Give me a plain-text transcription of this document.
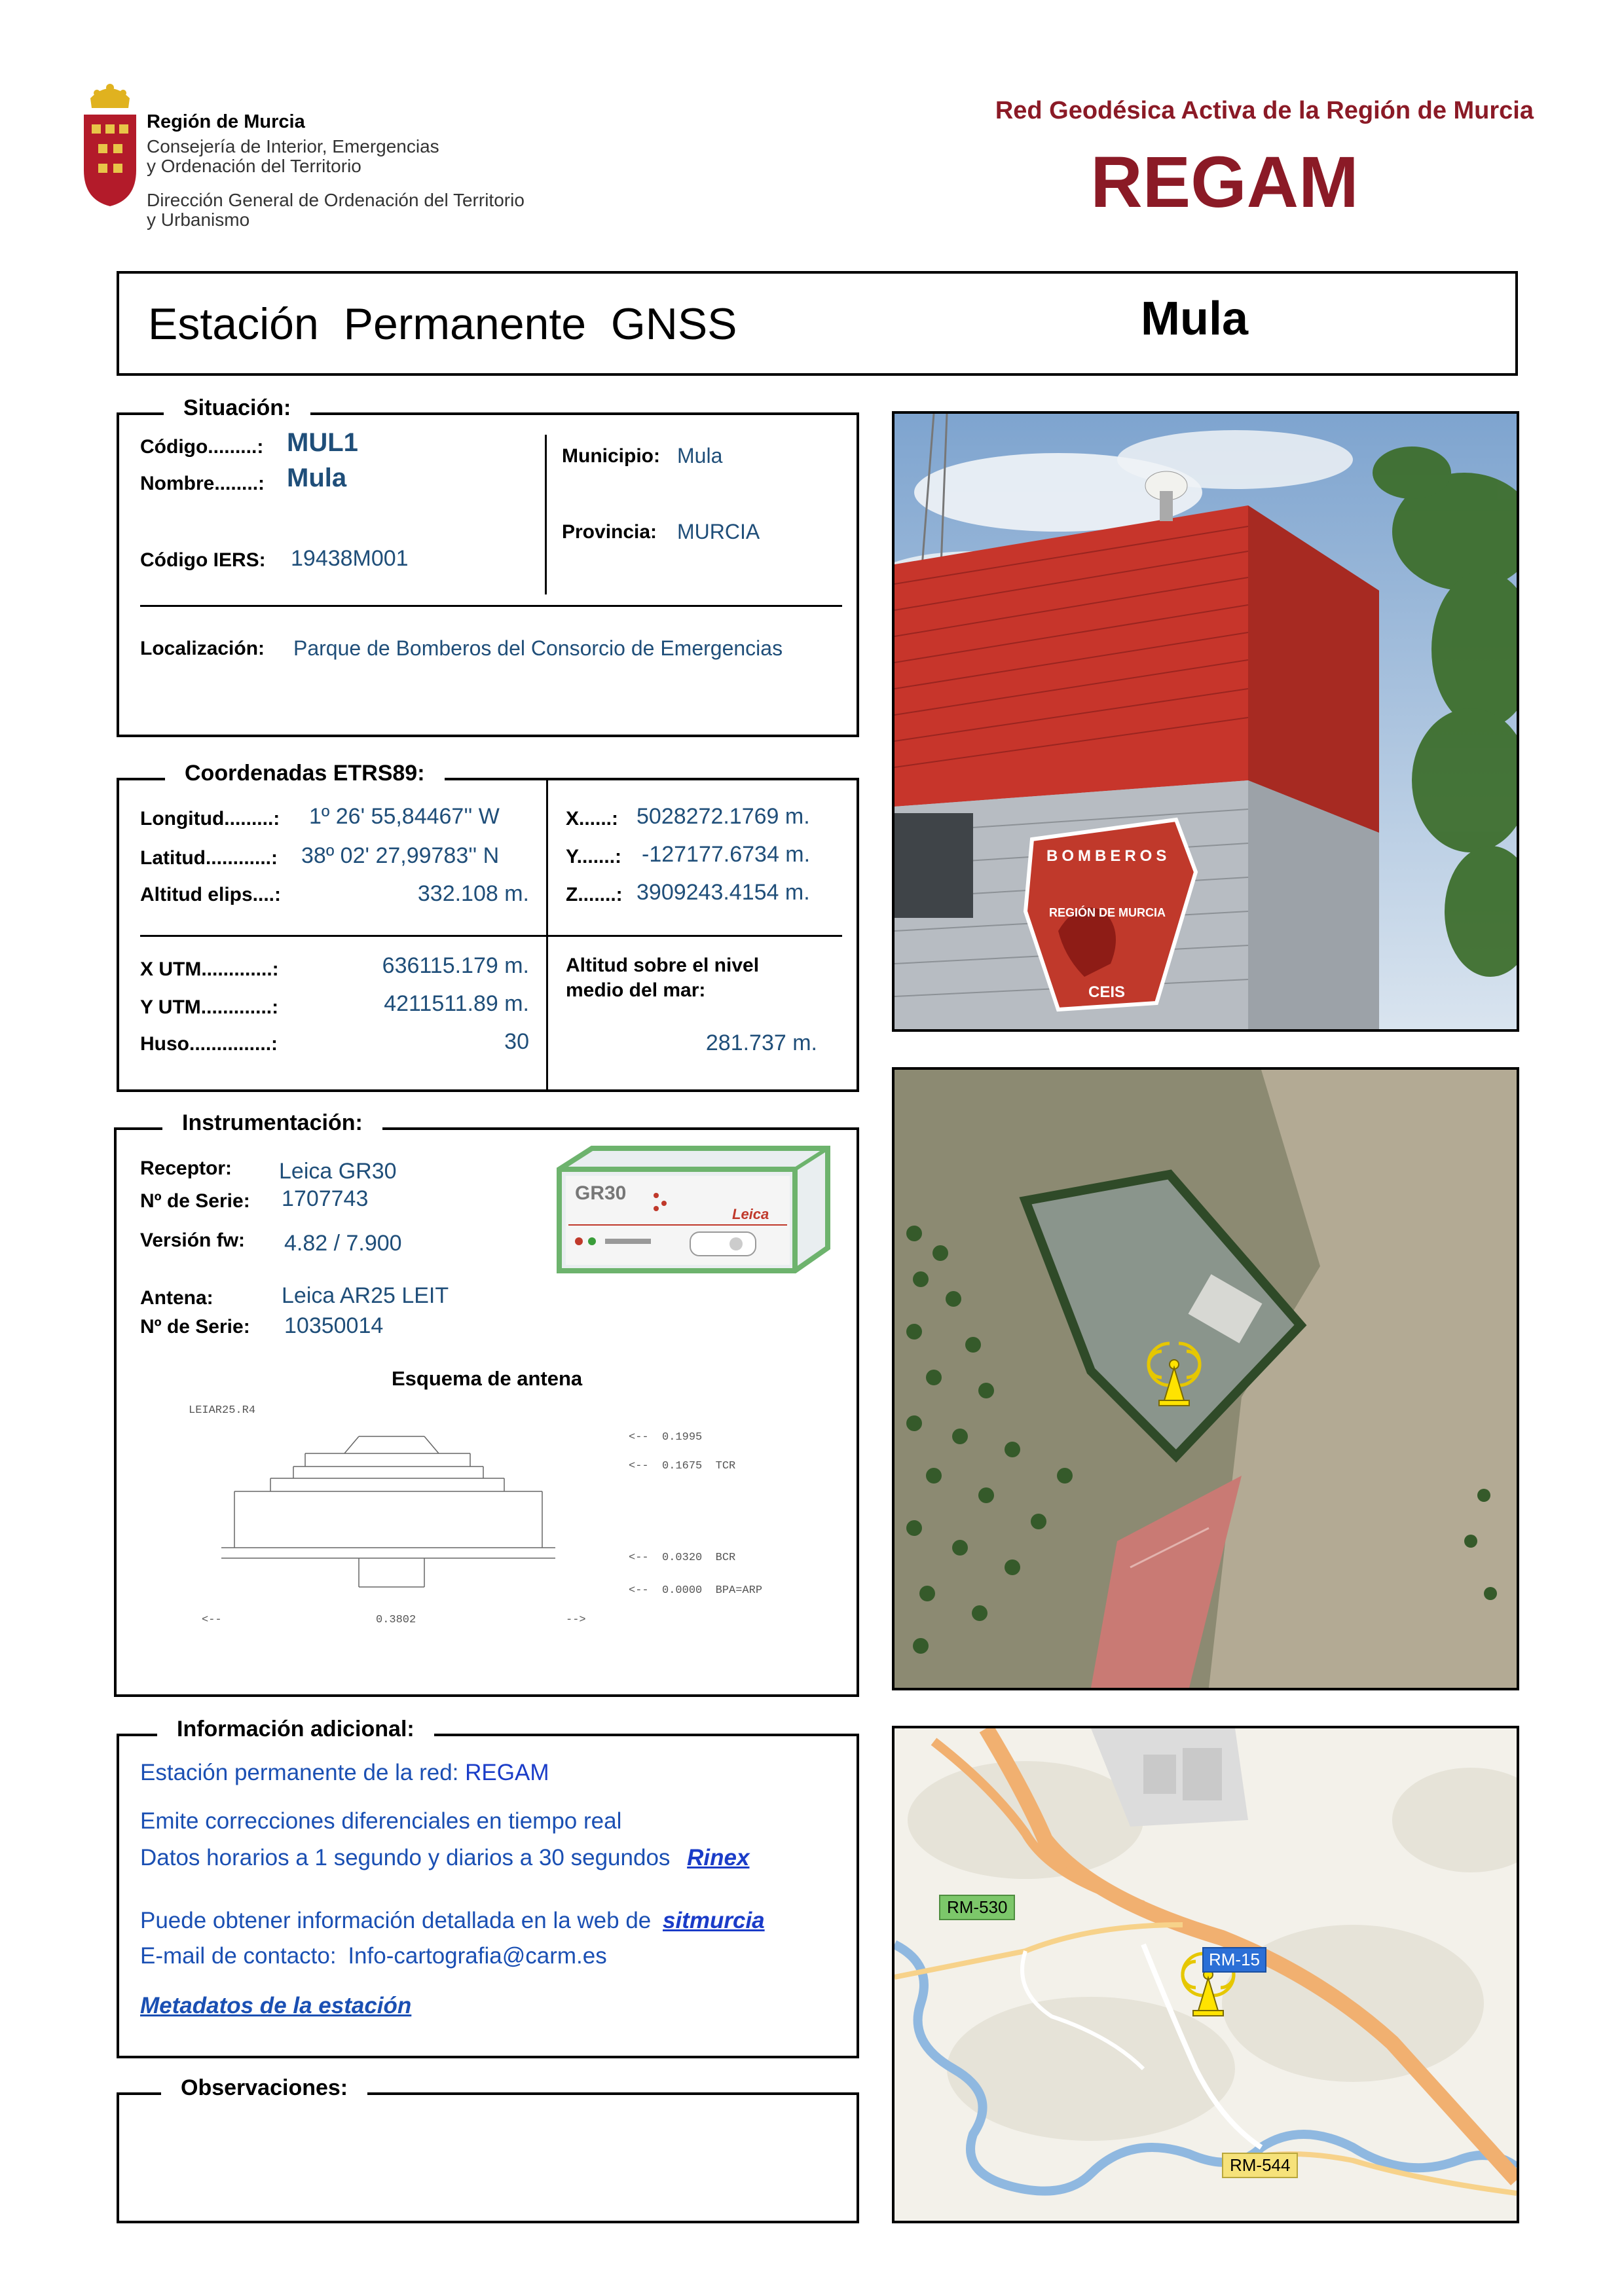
Región de Murcia
Consejería de Interior, Emergencias
y Ordenación del Territorio
Dirección General de Ordenación del Territorio
y Urbanismo
Red Geodésica Activa de la Región de Murcia
REGAM
Estación  Permanente  GNSS	Mula
Código.........: MUL1
Nombre........: Mula
Código IERS: 19438M001
Municipio: Mula
Provincia: MURCIA
Localización: Parque de Bomberos del Consorcio de Emergencias
Situación:
Longitud.........: 1º 26' 55,84467'' W
Latitud............: 38º 02' 27,99783'' N
Altitud elips....:	332.108 m.
X......: 5028272.1769 m.
Y.......: -127177.6734 m.
Z.......: 3909243.4154 m.
X UTM.............:	636115.179 m.
Y UTM.............:	4211511.89 m.
Huso...............:	30
Altitud sobre el nivel
medio del mar:
281.737 m.
Coordenadas ETRS89:
Receptor: Leica GR30
Nº de Serie: 1707743
Versión fw: 4.82 / 7.900
Antena:	Leica AR25 LEIT
Nº de Serie: 10350014
GR30
Leica
Esquema de antena
LEIAR25.R4
<--  0.1995
<--  0.1675  TCR
<--  0.0320  BCR
<--  0.0000  BPA=ARP
<--	0.3802	-->
Instrumentación:
Estación permanente de la red: REGAM
Emite correcciones diferenciales en tiempo real
Datos horarios a 1 segundo y diarios a 30 segundos Rinex
Puede obtener información detallada en la web de sitmurcia
E-mail de contacto: Info-cartografia@carm.es
Metadatos de la estación
Información adicional:
Observaciones:
BOMBEROS
REGIÓN DE MURCIA
CEIS
RM-530
RM-15
RM-544
